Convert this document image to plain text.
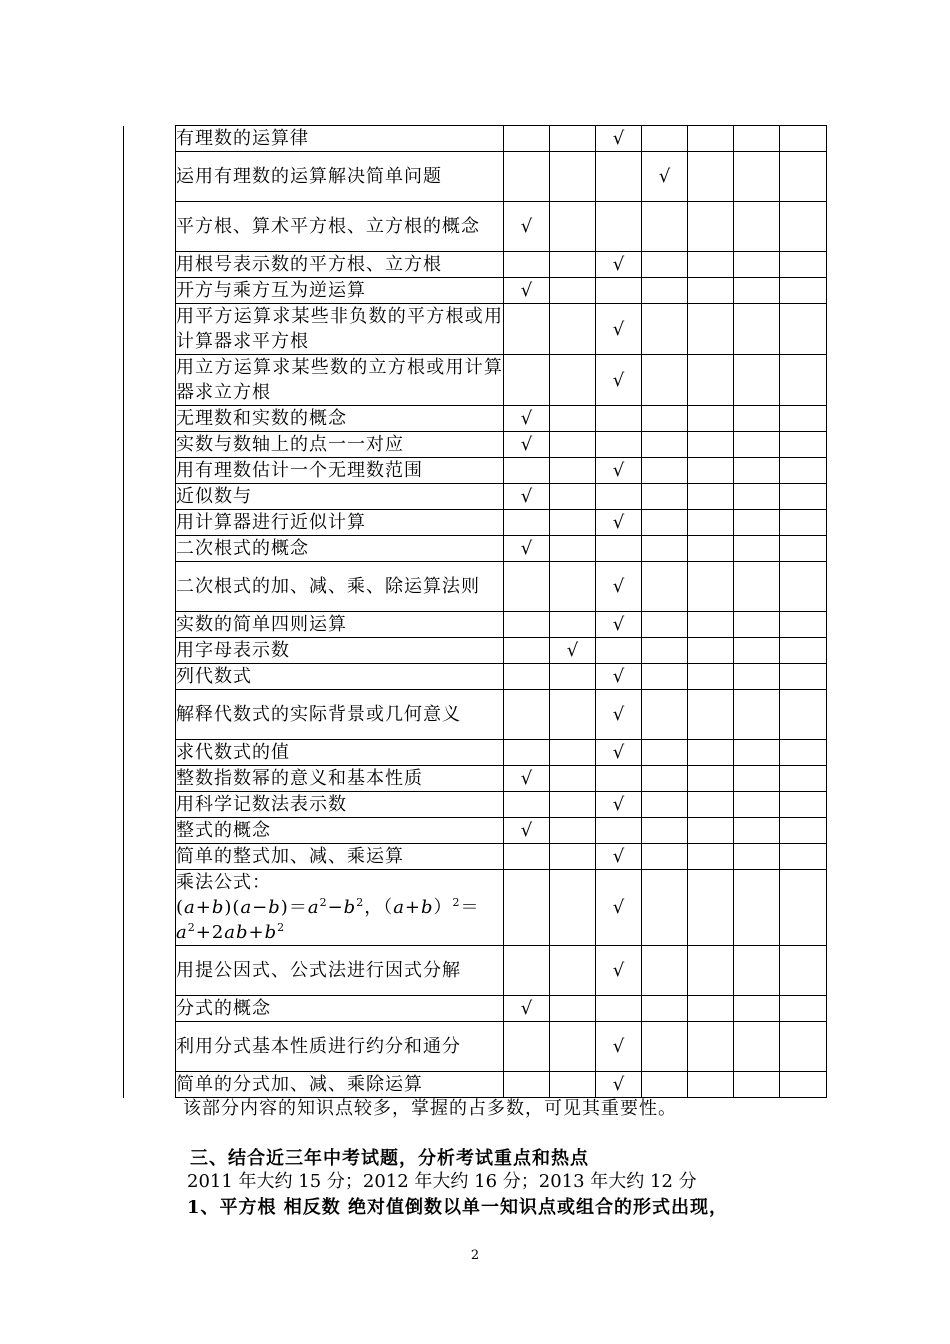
	有理数的运算律			√				
	运用有理数的运算解决简单问题				√			
	平方根、算术平方根、立方根的概念	√						
	用根号表示数的平方根、立方根			√				
	开方与乘方互为逆运算	√						
	用平方运算求某些非负数的平方根或用计算器求平方根			√				
	用立方运算求某些数的立方根或用计算器求立方根			√				
	无理数和实数的概念	√						
	实数与数轴上的点一一对应	√						
	用有理数估计一个无理数范围			√				
	近似数与	√						
	用计算器进行近似计算			√				
	二次根式的概念	√						
	二次根式的加、减、乘、除运算法则			√				
	实数的简单四则运算			√				
	用字母表示数		√					
	列代数式			√				
	解释代数式的实际背景或几何意义			√				
	求代数式的值			√				
	整数指数幂的意义和基本性质	√						
	用科学记数法表示数			√				
	整式的概念	√						
	简单的整式加、减、乘运算			√				

	乘法公式：
$(a+b)(a-b)=a^2-b^2$，$(a+b)^2=$
$a^2+2ab+b^2$			√				
	用提公因式、公式法进行因式分解			√				
	分式的概念	√						
	利用分式基本性质进行约分和通分			√				
	简单的分式加、减、乘除运算			√				
该部分内容的知识点较多，掌握的占多数，可见其重要性。
三、结合近三年中考试题，分析考试重点和热点
2011 年大约 15 分；2012 年大约 16 分；2013 年大约 12 分
1、平方根 相反数 绝对值倒数以单一知识点或组合的形式出现，
2
